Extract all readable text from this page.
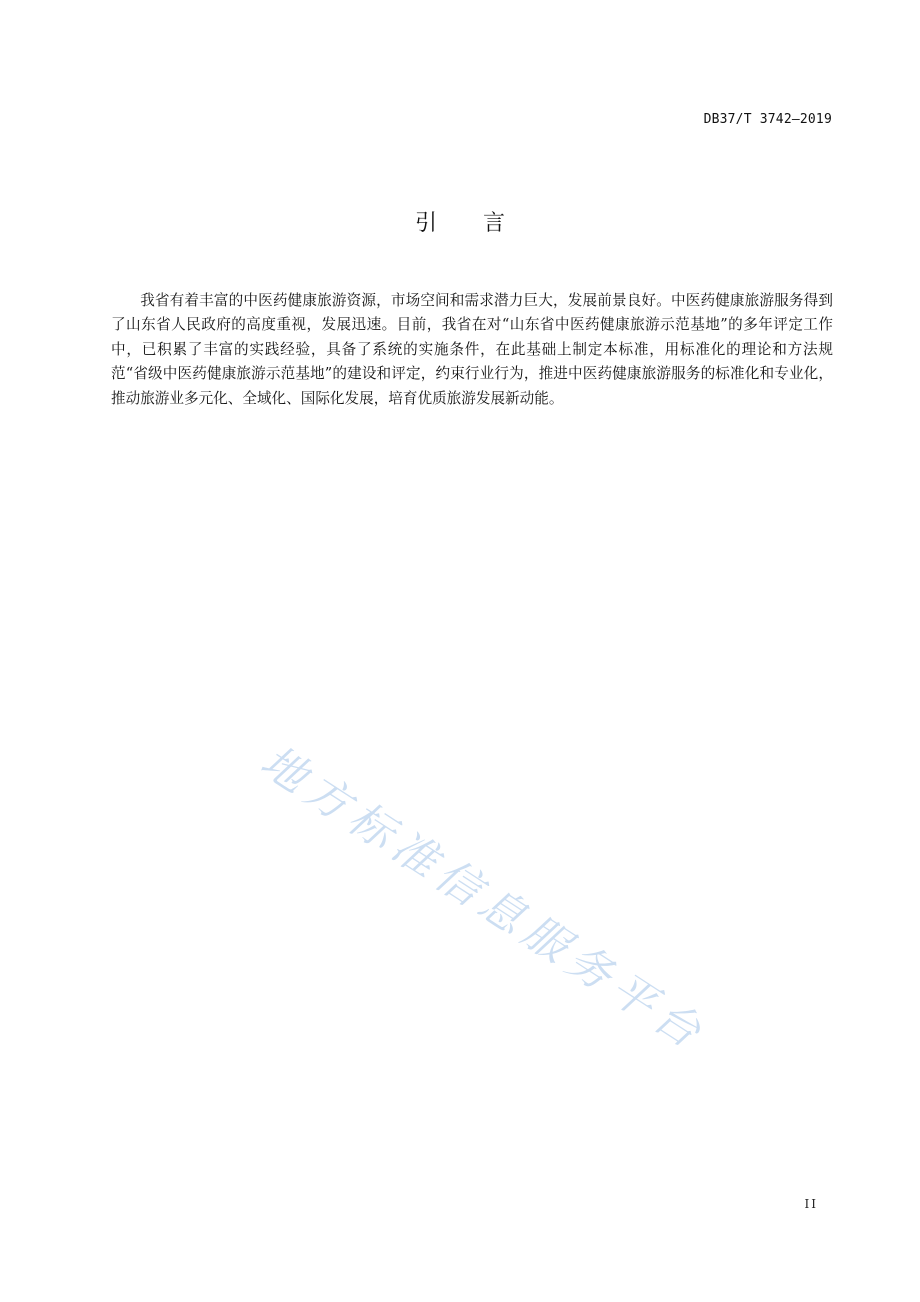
DB37/T 3742—2019
引言

我省有着丰富的中医药健康旅游资源，市场空间和需求潜力巨大，发展前景良好。中医药健康旅游服务得到了山东省人民政府的高度重视，发展迅速。目前，我省在对“山东省中医药健康旅游示范基地”的多年评定工作中，已积累了丰富的实践经验，具备了系统的实施条件，在此基础上制定本标准，用标准化的理论和方法规范“省级中医药健康旅游示范基地”的建设和评定，约束行业行为，推进中医药健康旅游服务的标准化和专业化，推动旅游业多元化、全域化、国际化发展，培育优质旅游发展新动能。

地方标准信息服务平台
II
